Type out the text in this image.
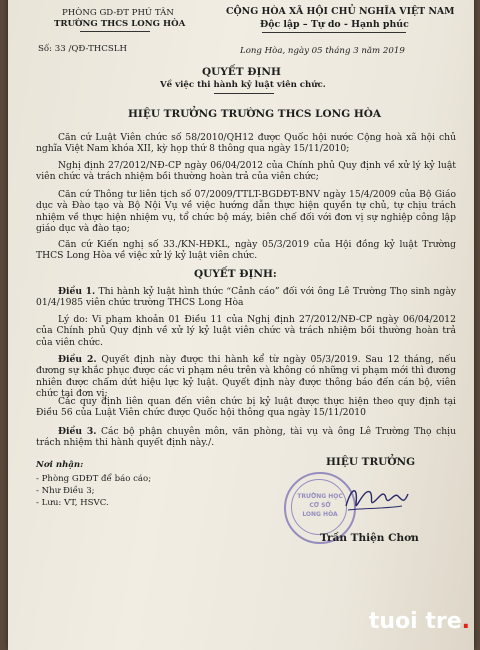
PHÒNG GD-ĐT PHÚ TÂN
TRƯỜNG THCS LONG HÒA
Số: 33 /QĐ-THCSLH
CỘNG HÒA XÃ HỘI CHỦ NGHĨA VIỆT NAM
Độc lập – Tự do - Hạnh phúc
Long Hòa, ngày 05 tháng 3 năm 2019
QUYẾT ĐỊNH
Về việc thi hành kỷ luật viên chức.
HIỆU TRƯỞNG TRƯỜNG THCS LONG HÒA

Căn cứ Luật Viên chức số 58/2010/QH12 được Quốc hội nước Cộng hoà xã hội chủ nghĩa Việt Nam khóa XII, kỳ họp thứ 8 thông qua ngày 15/11/2010;

Nghị định 27/2012/NĐ-CP ngày 06/04/2012 của Chính phủ Quy định về xử lý kỷ luật viên chức và trách nhiệm bồi thường hoàn trả của viên chức;

Căn cứ Thông tư liên tịch số 07/2009/TTLT-BGDĐT-BNV ngày 15/4/2009 của Bộ Giáo dục và Đào tạo và Bộ Nội Vụ về việc hướng dẫn thực hiện quyền tự chủ, tự chịu trách nhiệm về thực hiện nhiệm vụ, tổ chức bộ máy, biên chế đối với đơn vị sự nghiệp công lập giáo dục và đào tạo;

Căn cứ Kiến nghị số 33./KN-HĐKL, ngày 05/3/2019 của Hội đồng kỷ luật Trường THCS Long Hòa về việc xử lý kỷ luật viên chức.

QUYẾT ĐỊNH:

Điều 1. Thi hành kỷ luật hình thức “Cảnh cáo” đối với ông Lê Trường Thọ sinh ngày 01/4/1985 viên chức trường THCS Long Hòa

Lý do: Vi phạm khoản 01 Điều 11 của Nghị định 27/2012/NĐ-CP ngày 06/04/2012 của Chính phủ Quy định về xử lý kỷ luật viên chức và trách nhiệm bồi thường hoàn trả của viên chức.

Điều 2. Quyết định này được thi hành kể từ ngày 05/3/2019. Sau 12 tháng, nếu đương sự khắc phục được các vi phạm nêu trên và không có những vi phạm mới thì đương nhiên được chấm dứt hiệu lực kỷ luật. Quyết định này được thông báo đến cán bộ, viên chức tại đơn vị;

Các quy định liên quan đến viên chức bị kỷ luật được thực hiện theo quy định tại Điều 56 của Luật Viên chức được Quốc hội thông qua ngày 15/11/2010

Điều 3. Các bộ phận chuyên môn, văn phòng, tài vụ và ông Lê Trường Thọ chịu trách nhiệm thi hành quyết định này./.

Nơi nhận:
- Phòng GDĐT để báo cáo;
- Như Điều 3;
- Lưu: VT, HSVC.
HIỆU TRƯỞNG
TRƯỜNG HỌC
CƠ SỞ
LONG HÒA
Trần Thiện Chơn
tuoi tre.
